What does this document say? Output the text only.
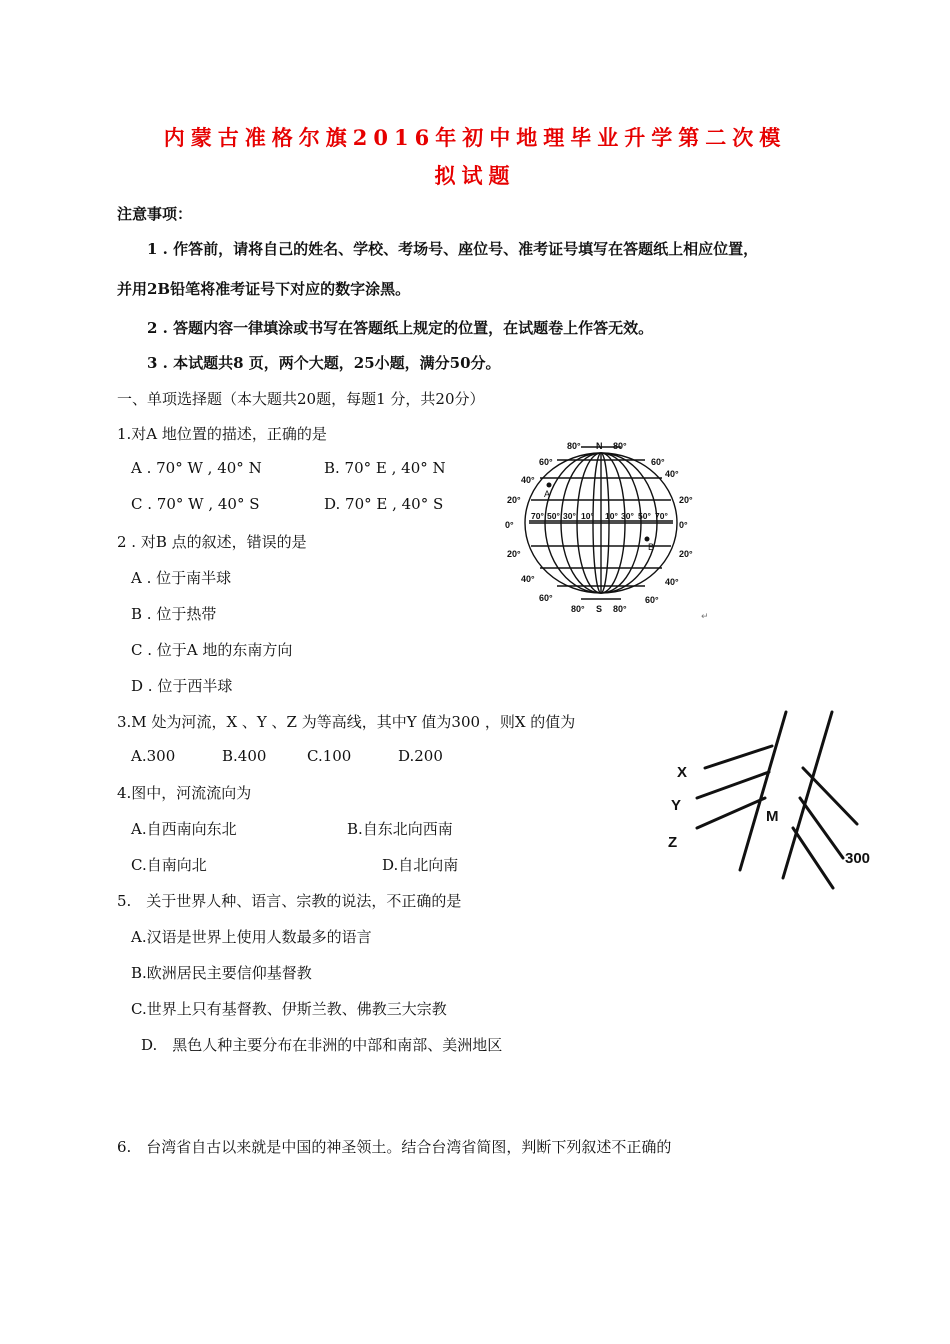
内蒙古准格尔旗2016年初中地理毕业升学第二次模
拟试题
注意事项：
1 . 作答前，请将自己的姓名、学校、考场号、座位号、准考证号填写在答题纸上相应位置，
并用2B铅笔将准考证号下对应的数字涂黑。
2 . 答题内容一律填涂或书写在答题纸上规定的位置，在试题卷上作答无效。
3 . 本试题共8 页，两个大题，25小题，满分50分。
一、单项选择题（本大题共20题，每题1 分，共20分）
1.对A 地位置的描述，正确的是
A . 70° W , 40° N	B. 70° E , 40° N
C . 70° W , 40° S	D. 70° E , 40° S
N
S
80°	80°
60°	60°
40°
40°
20°	20°
0°	0°
20°	20°
40°	40°
60°	60°
80°	80°
70° 50° 30° 10° 10° 30° 50° 70°
A
B
↵
2 . 对B 点的叙述，错误的是
A . 位于南半球
B . 位于热带
C . 位于A 地的东南方向
D . 位于西半球
3.M 处为河流，X 、Y 、Z 为等高线，其中Y 值为300 ，则X 的值为
A.300	B.400	C.100	D.200
X
Y
Z
M
300
4.图中，河流流向为
A.自西南向东北	B.自东北向西南
C.自南向北	D.自北向南
5.　关于世界人种、语言、宗教的说法，不正确的是
A.汉语是世界上使用人数最多的语言
B.欧洲居民主要信仰基督教
C.世界上只有基督教、伊斯兰教、佛教三大宗教
D.　黑色人种主要分布在非洲的中部和南部、美洲地区
6.　台湾省自古以来就是中国的神圣领土。结合台湾省简图，判断下列叙述不正确的
